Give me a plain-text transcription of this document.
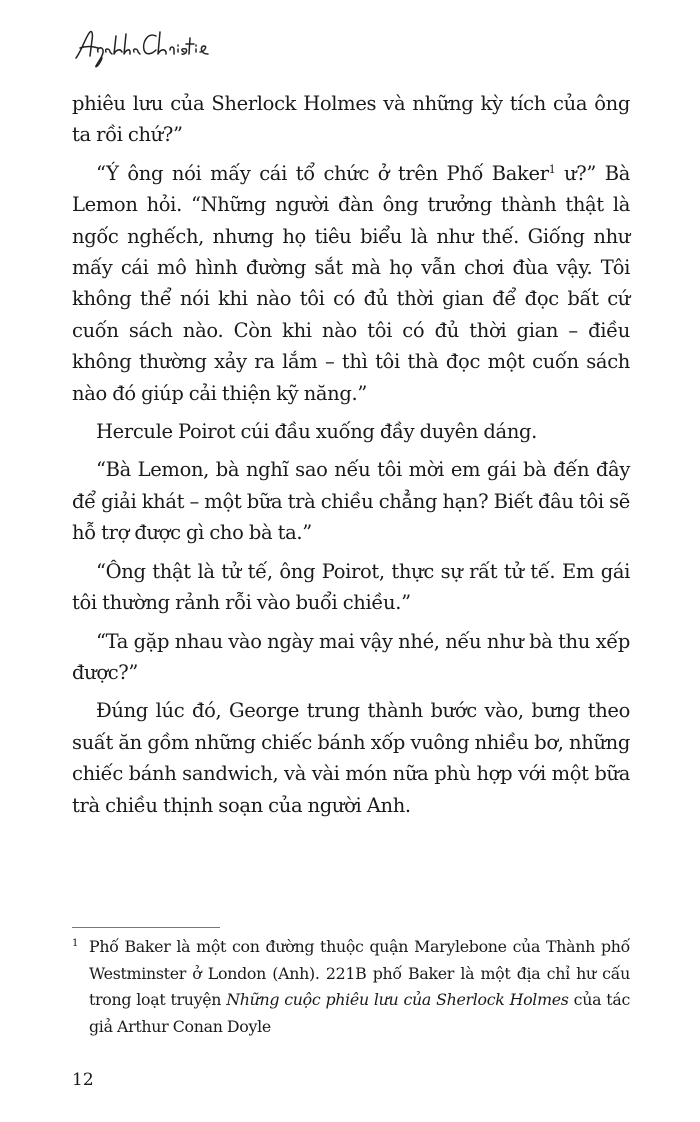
phiêu lưu của Sherlock Holmes và những kỳ tích của ông ta rồi chứ?”

“Ý ông nói mấy cái tổ chức ở trên Phố Baker$^1$ ư?” Bà Lemon hỏi. “Những người đàn ông trưởng thành thật là ngốc nghếch, nhưng họ tiêu biểu là như thế. Giống như mấy cái mô hình đường sắt mà họ vẫn chơi đùa vậy. Tôi không thể nói khi nào tôi có đủ thời gian để đọc bất cứ cuốn sách nào. Còn khi nào tôi có đủ thời gian – điều không thường xảy ra lắm – thì tôi thà đọc một cuốn sách nào đó giúp cải thiện kỹ năng.”

Hercule Poirot cúi đầu xuống đầy duyên dáng.

“Bà Lemon, bà nghĩ sao nếu tôi mời em gái bà đến đây để giải khát – một bữa trà chiều chẳng hạn? Biết đâu tôi sẽ hỗ trợ được gì cho bà ta.”

“Ông thật là tử tế, ông Poirot, thực sự rất tử tế. Em gái tôi thường rảnh rỗi vào buổi chiều.”

“Ta gặp nhau vào ngày mai vậy nhé, nếu như bà thu xếp được?”

Đúng lúc đó, George trung thành bước vào, bưng theo suất ăn gồm những chiếc bánh xốp vuông nhiều bơ, những chiếc bánh sandwich, và vài món nữa phù hợp với một bữa trà chiều thịnh soạn của người Anh.

1 Phố Baker là một con đường thuộc quận Marylebone của Thành phố Westminster ở London (Anh). 221B phố Baker là một địa chỉ hư cấu trong loạt truyện Những cuộc phiêu lưu của Sherlock Holmes của tác giả Arthur Conan Doyle
12
